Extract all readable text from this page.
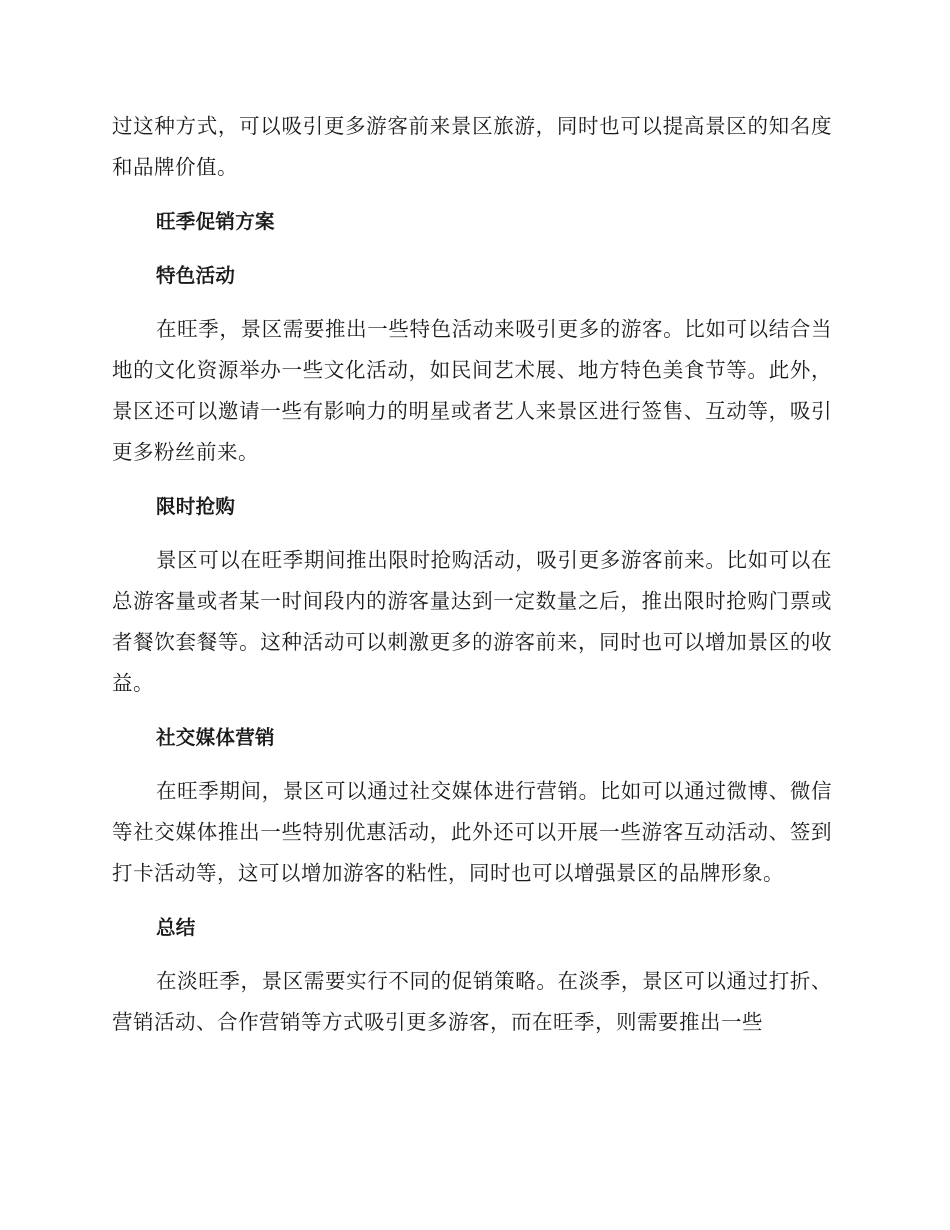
过这种方式，可以吸引更多游客前来景区旅游，同时也可以提高景区的知名度和品牌价值。

旺季促销方案
特色活动

在旺季，景区需要推出一些特色活动来吸引更多的游客。比如可以结合当地的文化资源举办一些文化活动，如民间艺术展、地方特色美食节等。此外，景区还可以邀请一些有影响力的明星或者艺人来景区进行签售、互动等，吸引更多粉丝前来。

限时抢购

景区可以在旺季期间推出限时抢购活动，吸引更多游客前来。比如可以在总游客量或者某一时间段内的游客量达到一定数量之后，推出限时抢购门票或者餐饮套餐等。这种活动可以刺激更多的游客前来，同时也可以增加景区的收益。

社交媒体营销

在旺季期间，景区可以通过社交媒体进行营销。比如可以通过微博、微信等社交媒体推出一些特别优惠活动，此外还可以开展一些游客互动活动、签到打卡活动等，这可以增加游客的粘性，同时也可以增强景区的品牌形象。

总结

在淡旺季，景区需要实行不同的促销策略。在淡季，景区可以通过打折、营销活动、合作营销等方式吸引更多游客，而在旺季，则需要推出一些
